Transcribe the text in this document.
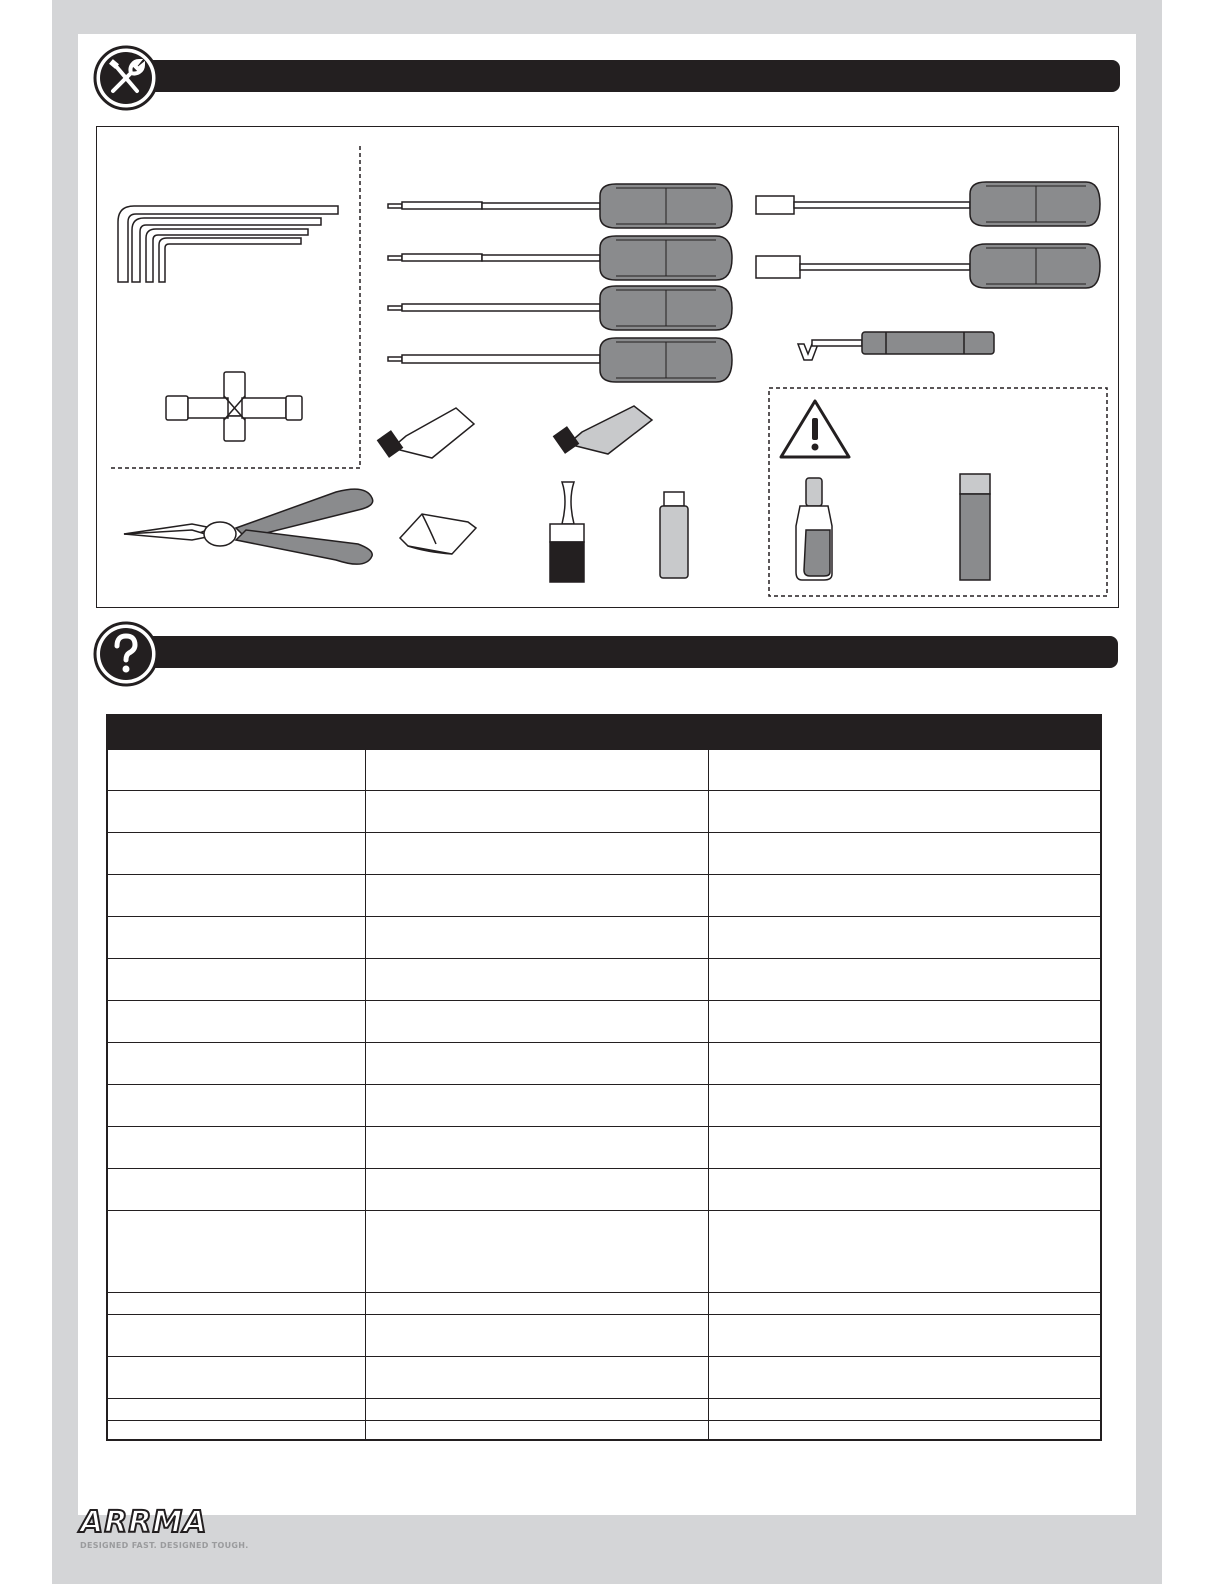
ARRMA
DESIGNED FAST. DESIGNED TOUGH.
